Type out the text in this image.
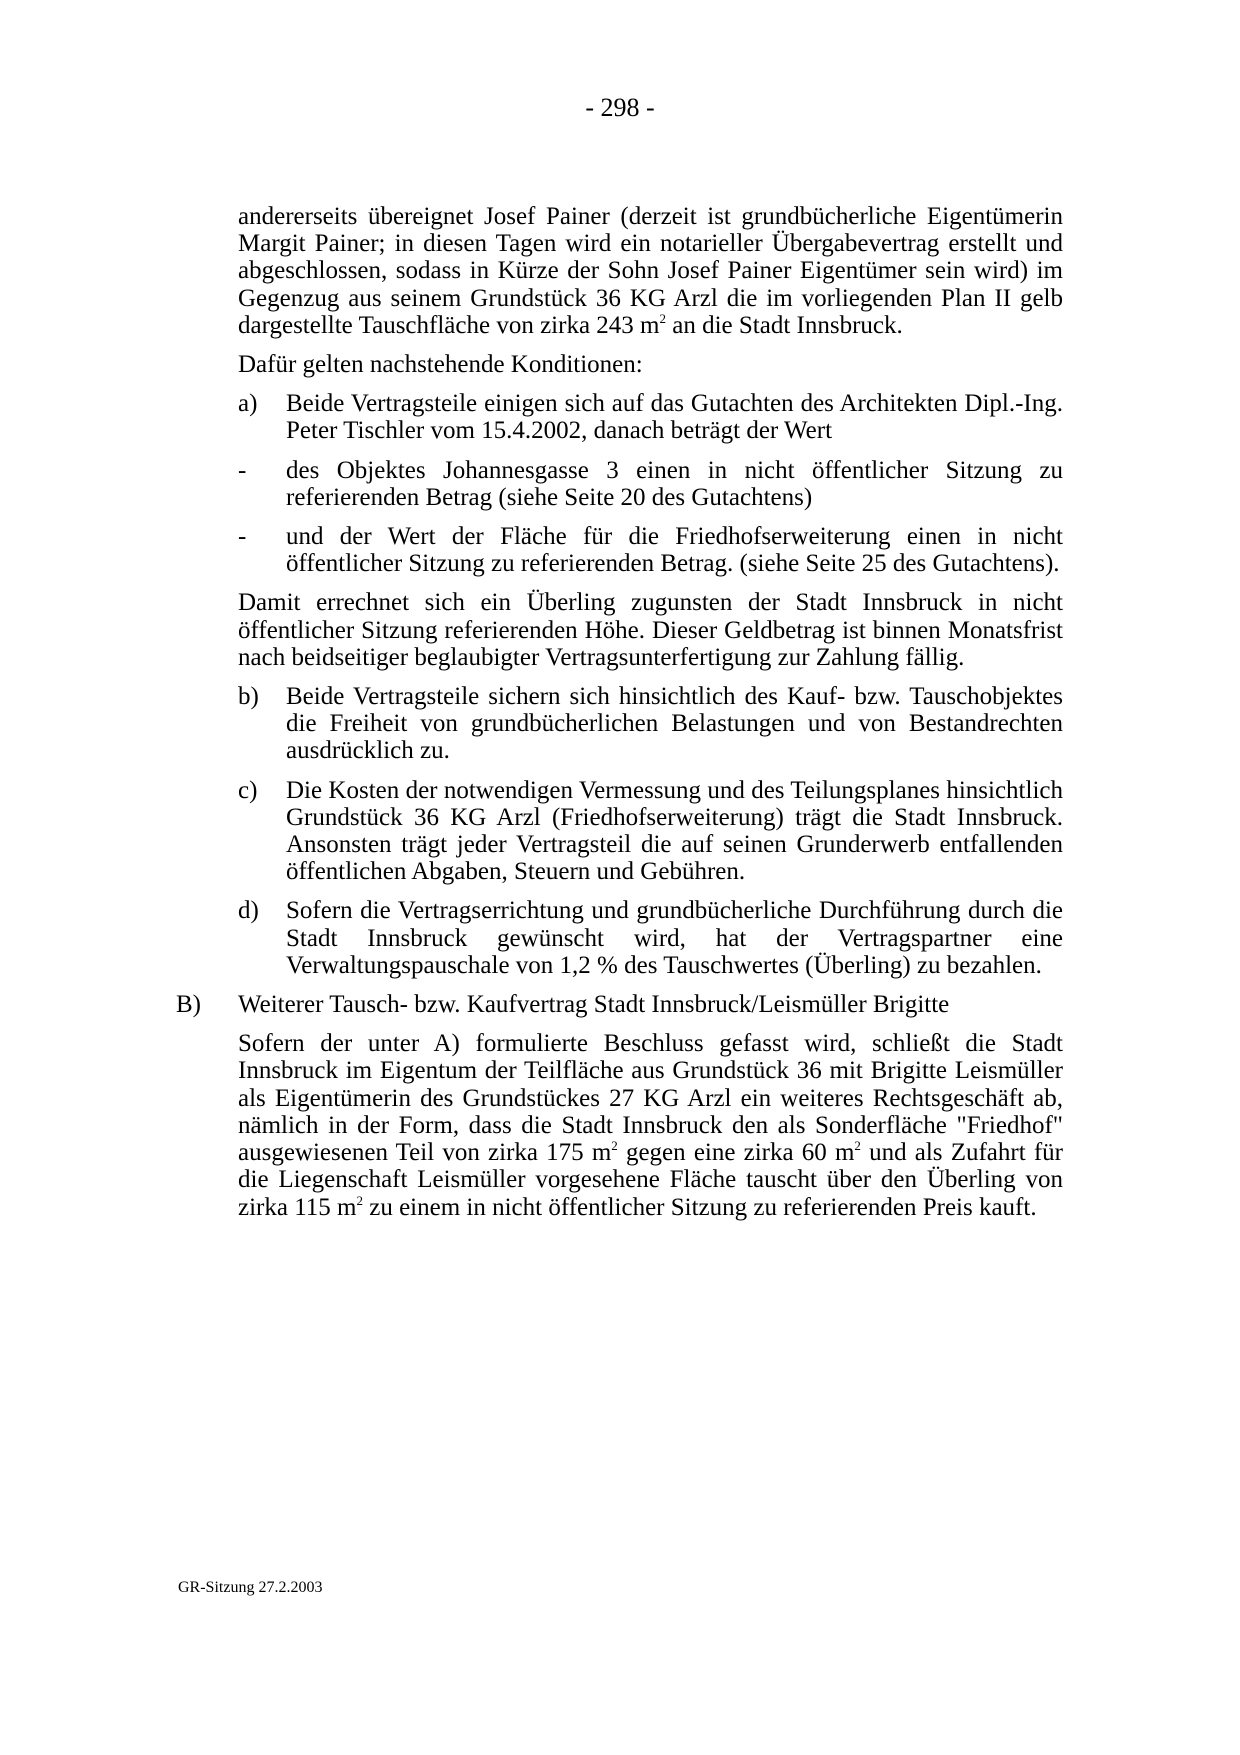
- 298 -

andererseits übereignet Josef Painer (derzeit ist grundbücherliche Eigentümerin Margit Painer; in diesen Tagen wird ein notarieller Übergabevertrag erstellt und abgeschlossen, sodass in Kürze der Sohn Josef Painer Eigentümer sein wird) im Gegenzug aus seinem Grundstück 36 KG Arzl die im vorliegenden Plan II gelb dargestellte Tauschfläche von zirka 243 $m^2$ an die Stadt Innsbruck.

Dafür gelten nachstehende Konditionen:

a) Beide Vertragsteile einigen sich auf das Gutachten des Architekten Dipl.-Ing. Peter Tischler vom 15.4.2002, danach beträgt der Wert
- des Objektes Johannesgasse 3 einen in nicht öffentlicher Sitzung zu referierenden Betrag (siehe Seite 20 des Gutachtens)
- und der Wert der Fläche für die Friedhofserweiterung einen in nicht öffentlicher Sitzung zu referierenden Betrag. (siehe Seite 25 des Gutachtens).

Damit errechnet sich ein Überling zugunsten der Stadt Innsbruck in nicht öffentlicher Sitzung referierenden Höhe. Dieser Geldbetrag ist binnen Monatsfrist nach beidseitiger beglaubigter Vertragsunterfertigung zur Zahlung fällig.

b) Beide Vertragsteile sichern sich hinsichtlich des Kauf- bzw. Tauschobjektes die Freiheit von grundbücherlichen Belastungen und von Bestandrechten ausdrücklich zu.
c) Die Kosten der notwendigen Vermessung und des Teilungsplanes hinsichtlich Grundstück 36 KG Arzl (Friedhofserweiterung) trägt die Stadt Innsbruck. Ansonsten trägt jeder Vertragsteil die auf seinen Grunderwerb entfallenden öffentlichen Abgaben, Steuern und Gebühren.
d) Sofern die Vertragserrichtung und grundbücherliche Durchführung durch die Stadt Innsbruck gewünscht wird, hat der Vertragspartner eine Verwaltungspauschale von 1,2 % des Tauschwertes (Überling) zu bezahlen.
B) Weiterer Tausch- bzw. Kaufvertrag Stadt Innsbruck/Leismüller Brigitte

Sofern der unter A) formulierte Beschluss gefasst wird, schließt die Stadt Innsbruck im Eigentum der Teilfläche aus Grundstück 36 mit Brigitte Leismüller als Eigentümerin des Grundstückes 27 KG Arzl ein weiteres Rechtsgeschäft ab, nämlich in der Form, dass die Stadt Innsbruck den als Sonderfläche "Friedhof" ausgewiesenen Teil von zirka 175 $m^2$ gegen eine zirka 60 $m^2$ und als Zufahrt für die Liegenschaft Leismüller vorgesehene Fläche tauscht über den Überling von zirka 115 $m^2$ zu einem in nicht öffentlicher Sitzung zu referierenden Preis kauft.

GR-Sitzung 27.2.2003
